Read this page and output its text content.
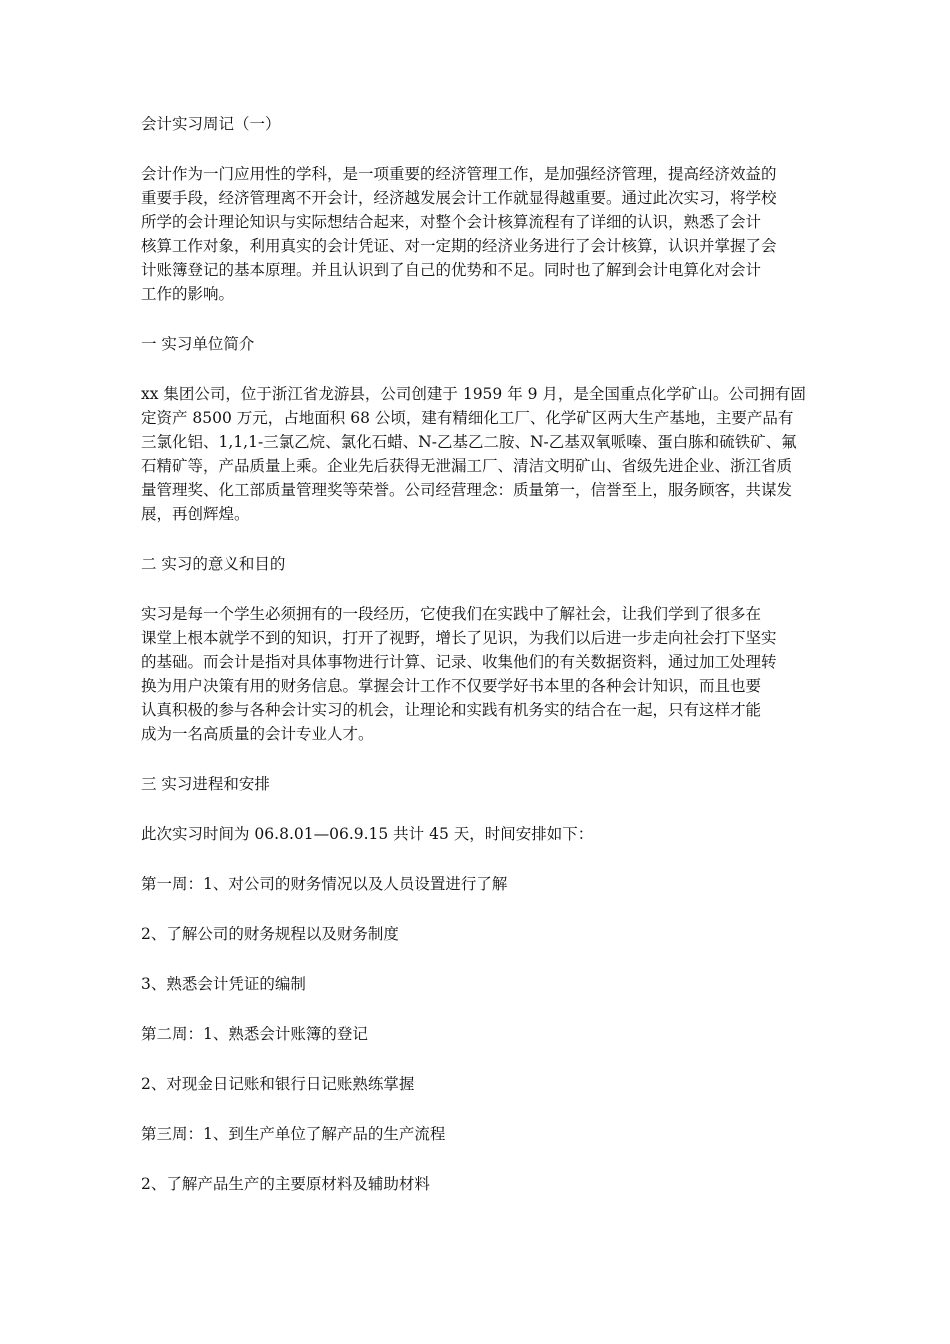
会计实习周记（一）

会计作为一门应用性的学科，是一项重要的经济管理工作，是加强经济管理，提高经济效益的

重要手段，经济管理离不开会计，经济越发展会计工作就显得越重要。通过此次实习，将学校

所学的会计理论知识与实际想结合起来，对整个会计核算流程有了详细的认识，熟悉了会计

核算工作对象，利用真实的会计凭证、对一定期的经济业务进行了会计核算，认识并掌握了会

计账簿登记的基本原理。并且认识到了自己的优势和不足。同时也了解到会计电算化对会计

工作的影响。

一 实习单位简介

xx 集团公司，位于浙江省龙游县，公司创建于 1959 年 9 月，是全国重点化学矿山。公司拥有固

定资产 8500 万元，占地面积 68 公顷，建有精细化工厂、化学矿区两大生产基地，主要产品有

三氯化铝、1,1,1-三氯乙烷、氯化石蜡、N-乙基乙二胺、N-乙基双氧哌嗪、蛋白胨和硫铁矿、氟

石精矿等，产品质量上乘。企业先后获得无泄漏工厂、清洁文明矿山、省级先进企业、浙江省质

量管理奖、化工部质量管理奖等荣誉。公司经营理念：质量第一，信誉至上，服务顾客，共谋发

展，再创辉煌。

二 实习的意义和目的

实习是每一个学生必须拥有的一段经历，它使我们在实践中了解社会，让我们学到了很多在

课堂上根本就学不到的知识，打开了视野，增长了见识，为我们以后进一步走向社会打下坚实

的基础。而会计是指对具体事物进行计算、记录、收集他们的有关数据资料，通过加工处理转

换为用户决策有用的财务信息。掌握会计工作不仅要学好书本里的各种会计知识，而且也要

认真积极的参与各种会计实习的机会，让理论和实践有机务实的结合在一起，只有这样才能

成为一名高质量的会计专业人才。

三 实习进程和安排

此次实习时间为 06.8.01—06.9.15 共计 45 天，时间安排如下：

第一周：1、对公司的财务情况以及人员设置进行了解

2、了解公司的财务规程以及财务制度

3、熟悉会计凭证的编制

第二周：1、熟悉会计账簿的登记

2、对现金日记账和银行日记账熟练掌握

第三周：1、到生产单位了解产品的生产流程

2、了解产品生产的主要原材料及辅助材料
